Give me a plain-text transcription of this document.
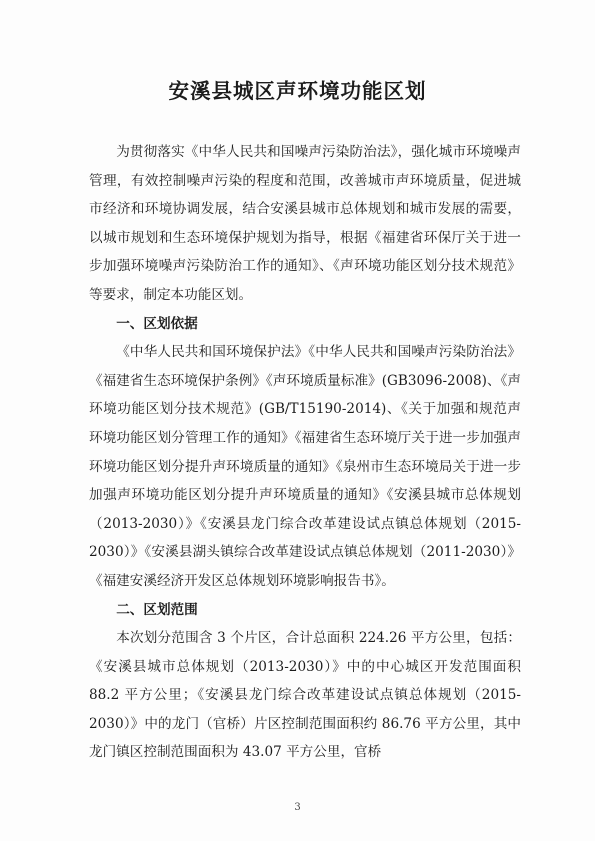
安溪县城区声环境功能区划

为贯彻落实《中华人民共和国噪声污染防治法》，强化城市环境噪声管理，有效控制噪声污染的程度和范围，改善城市声环境质量，促进城市经济和环境协调发展，结合安溪县城市总体规划和城市发展的需要，以城市规划和生态环境保护规划为指导，根据《福建省环保厅关于进一步加强环境噪声污染防治工作的通知》、《声环境功能区划分技术规范》等要求，制定本功能区划。

一、区划依据

《中华人民共和国环境保护法》《中华人民共和国噪声污染防治法》《福建省生态环境保护条例》《声环境质量标准》(GB3096-2008)、《声环境功能区划分技术规范》(GB/T15190-2014)、《关于加强和规范声环境功能区划分管理工作的通知》《福建省生态环境厅关于进一步加强声环境功能区划分提升声环境质量的通知》《泉州市生态环境局关于进一步加强声环境功能区划分提升声环境质量的通知》《安溪县城市总体规划（2013-2030）》《安溪县龙门综合改革建设试点镇总体规划（2015-2030）》《安溪县湖头镇综合改革建设试点镇总体规划（2011-2030）》《福建安溪经济开发区总体规划环境影响报告书》。

二、区划范围

本次划分范围含 3 个片区，合计总面积 224.26 平方公里，包括：《安溪县城市总体规划（2013-2030）》中的中心城区开发范围面积 88.2 平方公里；《安溪县龙门综合改革建设试点镇总体规划（2015-2030）》中的龙门（官桥）片区控制范围面积约 86.76 平方公里，其中龙门镇区控制范围面积为 43.07 平方公里，官桥

3
